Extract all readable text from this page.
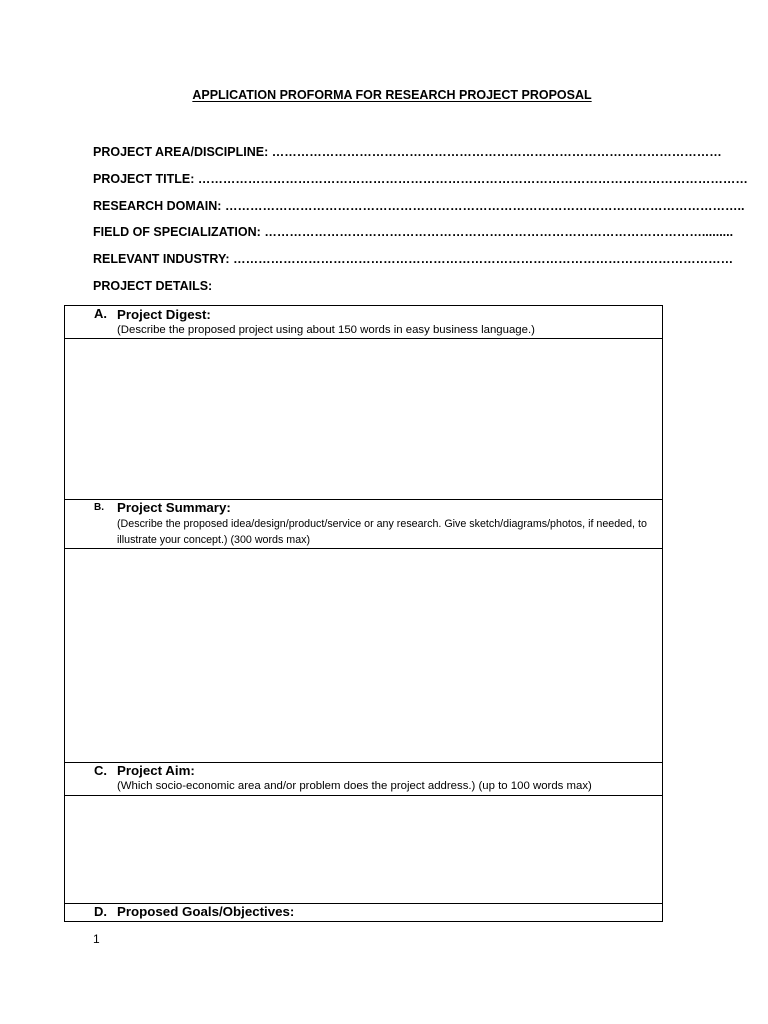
APPLICATION PROFORMA FOR RESEARCH PROJECT PROPOSAL
PROJECT AREA/DISCIPLINE: ………………………………………………………………………………………………
PROJECT TITLE: ……………………………………………………………………………………………………………………
RESEARCH DOMAIN: ……………………………………………………………………………………………………………..
FIELD OF SPECIALIZATION: …………………………………………………………………………………………….........
RELEVANT INDUSTRY: …………………………………………………………………………………………………………
PROJECT DETAILS:
A. Project Digest:
(Describe the proposed project using about 150 words in easy business language.)
B. Project Summary:
(Describe the proposed idea/design/product/service or any research. Give sketch/diagrams/photos, if needed, to illustrate your concept.) (300 words max)
C. Project Aim:
(Which socio-economic area and/or problem does the project address.) (up to 100 words max)
D. Proposed Goals/Objectives:
1
